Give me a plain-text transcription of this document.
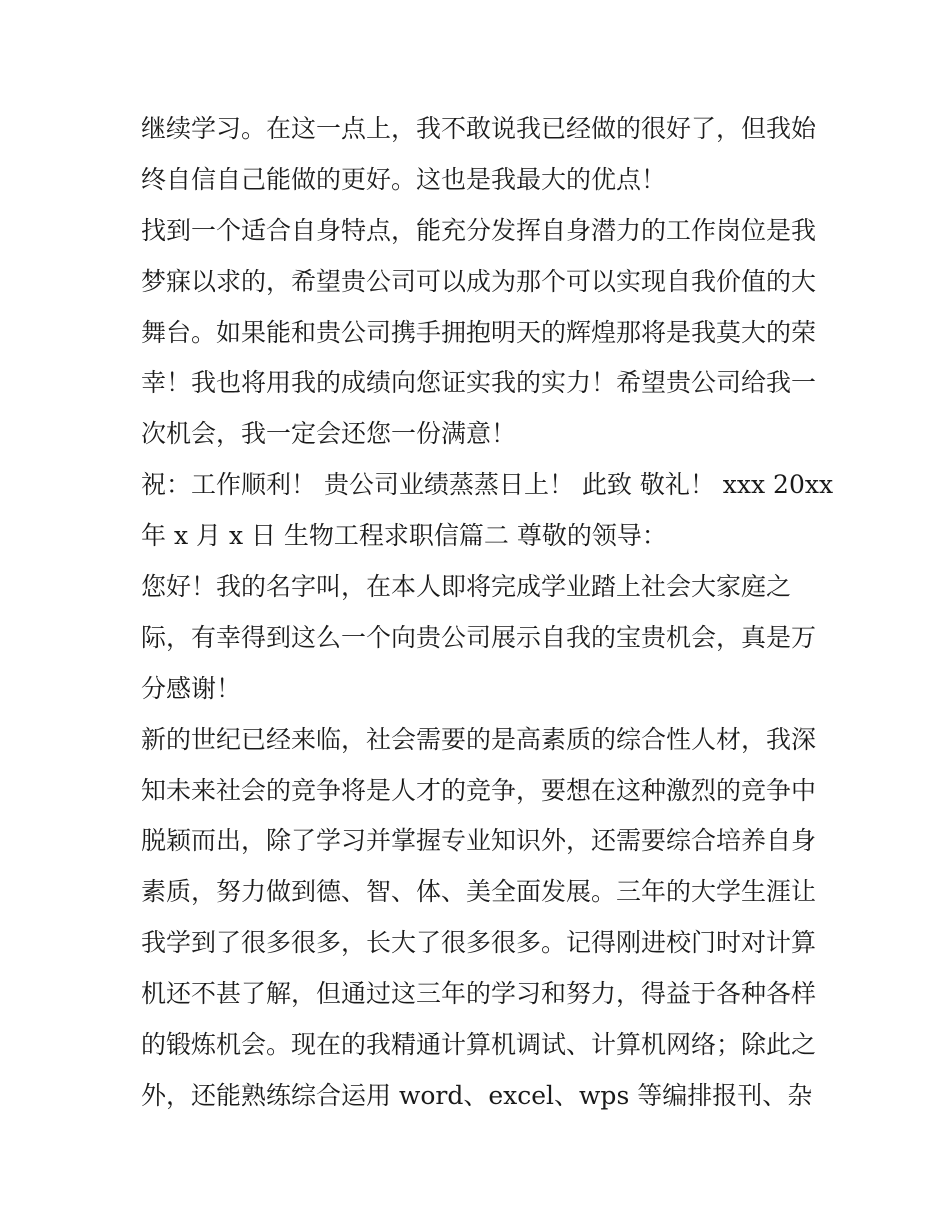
继续学习。在这一点上，我不敢说我已经做的很好了，但我始
终自信自己能做的更好。这也是我最大的优点！
找到一个适合自身特点，能充分发挥自身潜力的工作岗位是我
梦寐以求的，希望贵公司可以成为那个可以实现自我价值的大
舞台。如果能和贵公司携手拥抱明天的辉煌那将是我莫大的荣
幸！我也将用我的成绩向您证实我的实力！希望贵公司给我一
次机会，我一定会还您一份满意！
祝：工作顺利！ 贵公司业绩蒸蒸日上！ 此致 敬礼！ xxx 20xx
年 x 月 x 日 生物工程求职信篇二 尊敬的领导：
您好！我的名字叫，在本人即将完成学业踏上社会大家庭之
际，有幸得到这么一个向贵公司展示自我的宝贵机会，真是万
分感谢！
新的世纪已经来临，社会需要的是高素质的综合性人材，我深
知未来社会的竞争将是人才的竞争，要想在这种激烈的竞争中
脱颖而出，除了学习并掌握专业知识外，还需要综合培养自身
素质，努力做到德、智、体、美全面发展。三年的大学生涯让
我学到了很多很多，长大了很多很多。记得刚进校门时对计算
机还不甚了解，但通过这三年的学习和努力，得益于各种各样
的锻炼机会。现在的我精通计算机调试、计算机网络；除此之
外，还能熟练综合运用 word、excel、wps 等编排报刊、杂
